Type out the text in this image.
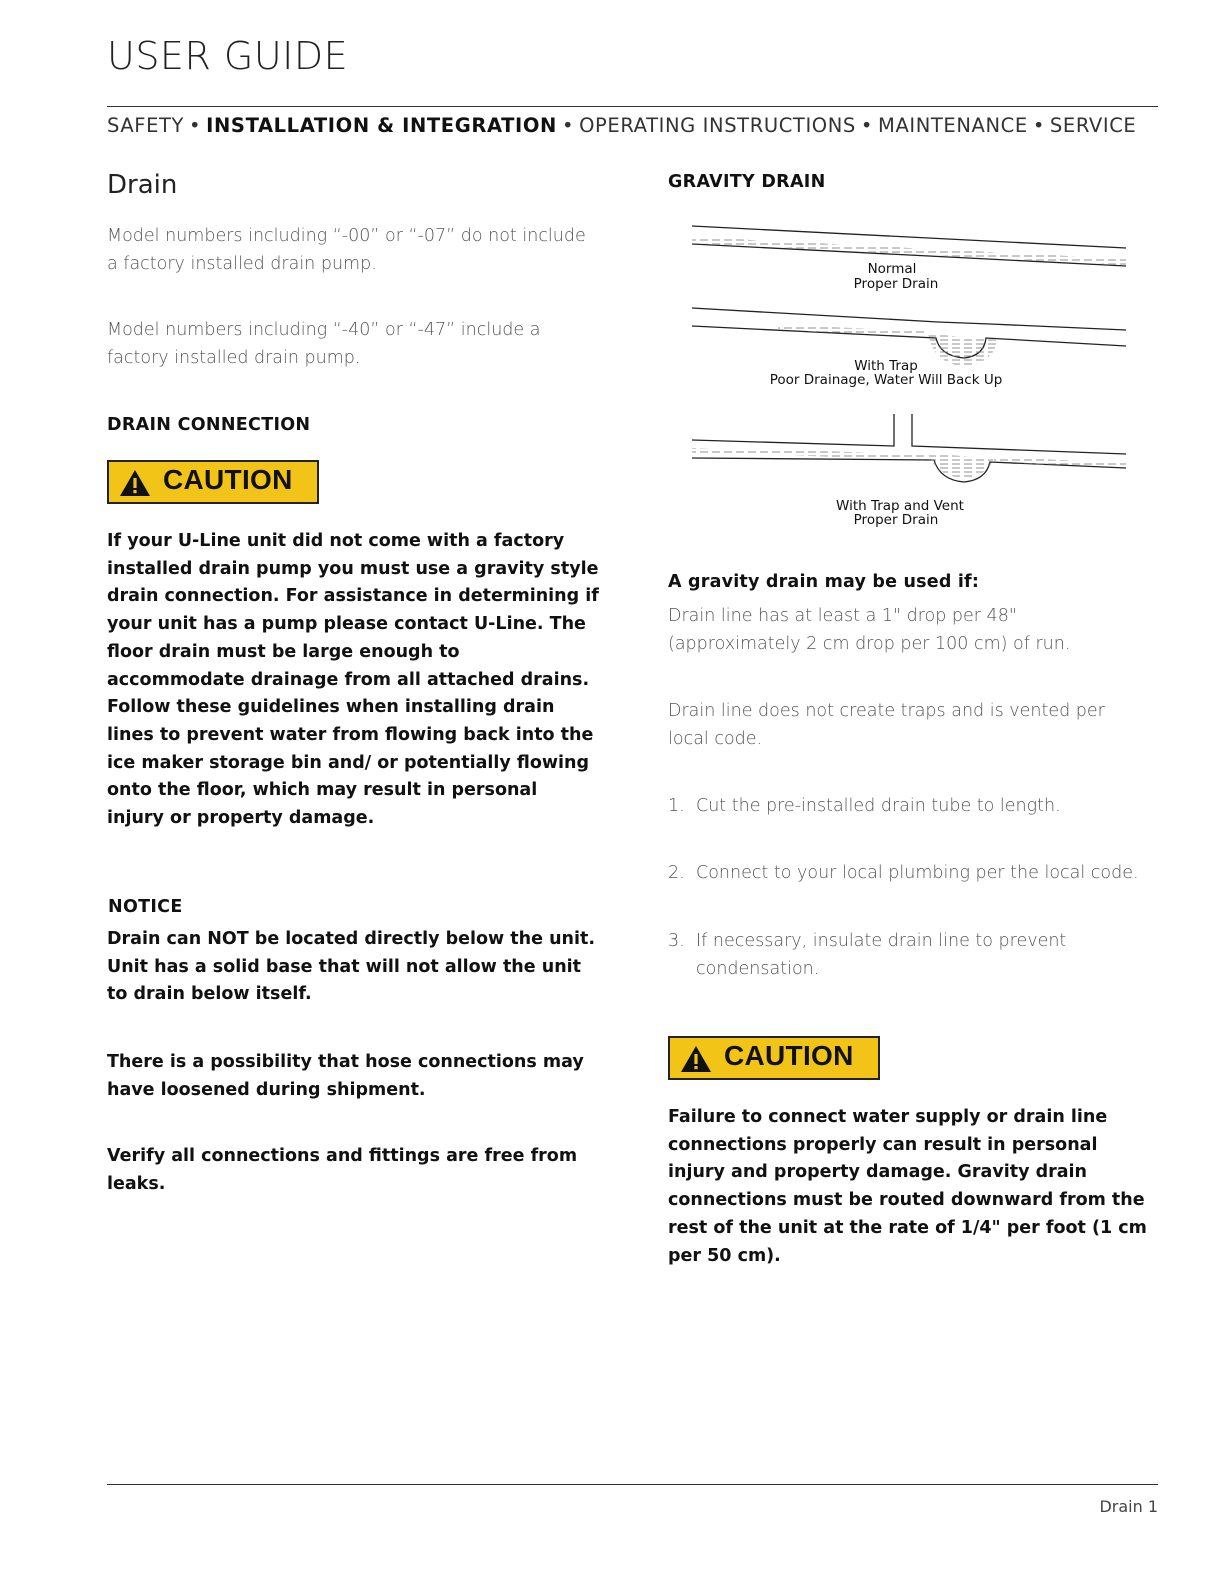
USER GUIDE
SAFETY • INSTALLATION & INTEGRATION • OPERATING INSTRUCTIONS • MAINTENANCE • SERVICE
Drain
Model numbers including “-00” or “-07” do not include a factory installed drain pump.
Model numbers including “-40” or “-47” include a factory installed drain pump.
DRAIN CONNECTION
CAUTION
If your U-Line unit did not come with a factory installed drain pump you must use a gravity style drain connection. For assistance in determining if your unit has a pump please contact U-Line. The floor drain must be large enough to accommodate drainage from all attached drains. Follow these guidelines when installing drain lines to prevent water from flowing back into the ice maker storage bin and/ or potentially flowing onto the floor, which may result in personal injury or property damage.
NOTICE
Drain can NOT be located directly below the unit. Unit has a solid base that will not allow the unit to drain below itself.
There is a possibility that hose connections may have loosened during shipment.
Verify all connections and fittings are free from leaks.
GRAVITY DRAIN
Normal
Proper Drain
With Trap
Poor Drainage, Water Will Back Up
With Trap and Vent
Proper Drain
A gravity drain may be used if:
Drain line has at least a 1" drop per 48" (approximately 2 cm drop per 100 cm) of run.
Drain line does not create traps and is vented per local code.
1. Cut the pre-installed drain tube to length.
2. Connect to your local plumbing per the local code.
3. If necessary, insulate drain line to prevent condensation.
CAUTION
Failure to connect water supply or drain line connections properly can result in personal injury and property damage. Gravity drain connections must be routed downward from the rest of the unit at the rate of 1/4" per foot (1 cm per 50 cm).
Drain 1
